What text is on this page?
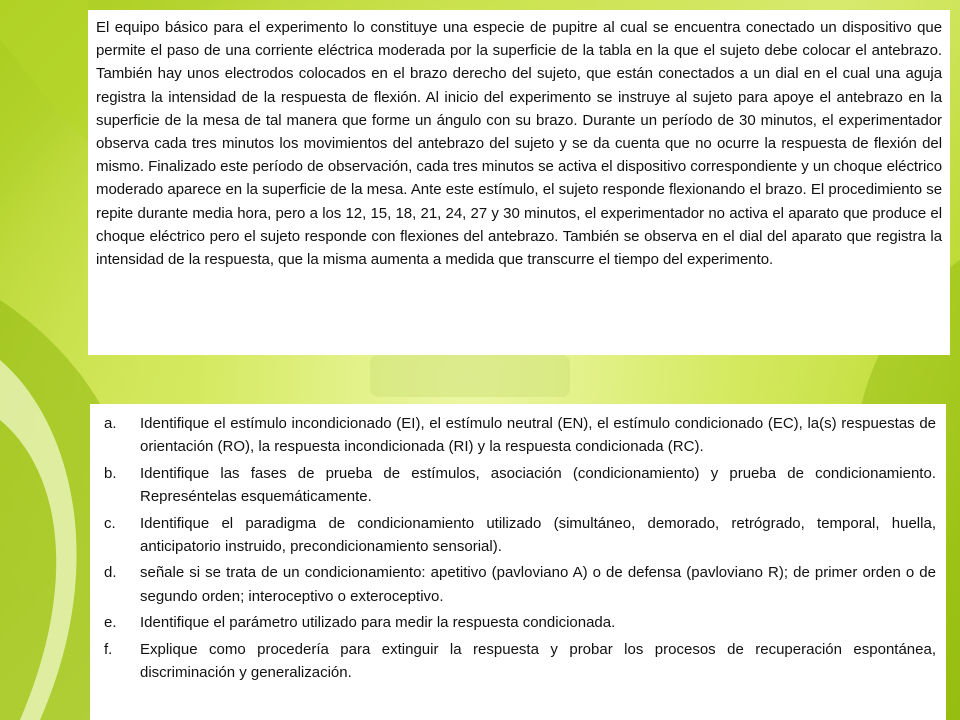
El equipo básico para el experimento lo constituye una especie de pupitre al cual se encuentra conectado un dispositivo que permite el paso de una corriente eléctrica moderada por la superficie de la tabla en la que el sujeto debe colocar el antebrazo. También hay unos electrodos colocados en el brazo derecho del sujeto, que están conectados a un dial en el cual una aguja registra la intensidad de la respuesta de flexión. Al inicio del experimento se instruye al sujeto para apoye el antebrazo en la superficie de la mesa de tal manera que forme un ángulo con su brazo. Durante un período de 30 minutos, el experimentador observa cada tres minutos los movimientos del antebrazo del sujeto y se da cuenta que no ocurre la respuesta de flexión del mismo. Finalizado este período de observación, cada tres minutos se activa el dispositivo correspondiente y un choque eléctrico moderado aparece en la superficie de la mesa. Ante este estímulo, el sujeto responde flexionando el brazo. El procedimiento se repite durante media hora, pero a los 12, 15, 18, 21, 24, 27 y 30 minutos, el experimentador no activa el aparato que produce el choque eléctrico pero el sujeto responde con flexiones del antebrazo. También se observa en el dial del aparato que registra la intensidad de la respuesta, que la misma aumenta a medida que transcurre el tiempo del experimento.

a.	Identifique el estímulo incondicionado (EI), el estímulo neutral (EN), el estímulo condicionado (EC), la(s) respuestas de orientación (RO), la respuesta incondicionada (RI) y la respuesta condicionada (RC).
b.	Identifique las fases de prueba de estímulos, asociación (condicionamiento) y prueba de condicionamiento. Represéntelas esquemáticamente.
c.	Identifique el paradigma de condicionamiento utilizado (simultáneo, demorado, retrógrado, temporal, huella, anticipatorio instruido, precondicionamiento sensorial).
d.	señale si se trata de un condicionamiento: apetitivo (pavloviano A) o de defensa (pavloviano R); de primer orden o de segundo orden; interoceptivo o exteroceptivo.
e.	Identifique el parámetro utilizado para medir la respuesta condicionada.
f.	Explique como procedería para extinguir la respuesta y probar los procesos de recuperación espontánea, discriminación y generalización.
